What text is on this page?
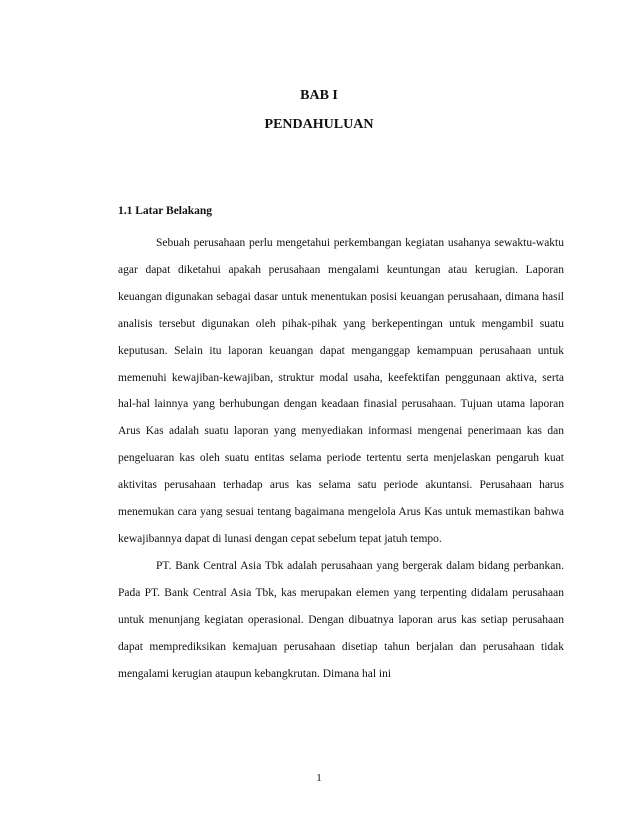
BAB I
PENDAHULUAN
1.1 Latar Belakang

Sebuah perusahaan perlu mengetahui perkembangan kegiatan usahanya sewaktu-waktu agar dapat diketahui apakah perusahaan mengalami keuntungan atau kerugian. Laporan keuangan digunakan sebagai dasar untuk menentukan posisi keuangan perusahaan, dimana hasil analisis tersebut digunakan oleh pihak-pihak yang berkepentingan untuk mengambil suatu keputusan. Selain itu laporan keuangan dapat menganggap kemampuan perusahaan untuk memenuhi kewajiban-kewajiban, struktur modal usaha, keefektifan penggunaan aktiva, serta hal-hal lainnya yang berhubungan dengan keadaan finasial perusahaan. Tujuan utama laporan Arus Kas adalah suatu laporan yang menyediakan informasi mengenai penerimaan kas dan pengeluaran kas oleh suatu entitas selama periode tertentu serta menjelaskan pengaruh kuat aktivitas perusahaan terhadap arus kas selama satu periode akuntansi. Perusahaan harus menemukan cara yang sesuai tentang bagaimana mengelola Arus Kas untuk memastikan bahwa kewajibannya dapat di lunasi dengan cepat sebelum tepat jatuh tempo.

PT. Bank Central Asia Tbk adalah perusahaan yang bergerak dalam bidang perbankan. Pada PT. Bank Central Asia Tbk, kas merupakan elemen yang terpenting didalam perusahaan untuk menunjang kegiatan operasional. Dengan dibuatnya laporan arus kas setiap perusahaan dapat memprediksikan kemajuan perusahaan disetiap tahun berjalan dan perusahaan tidak mengalami kerugian ataupun kebangkrutan. Dimana hal ini

1
